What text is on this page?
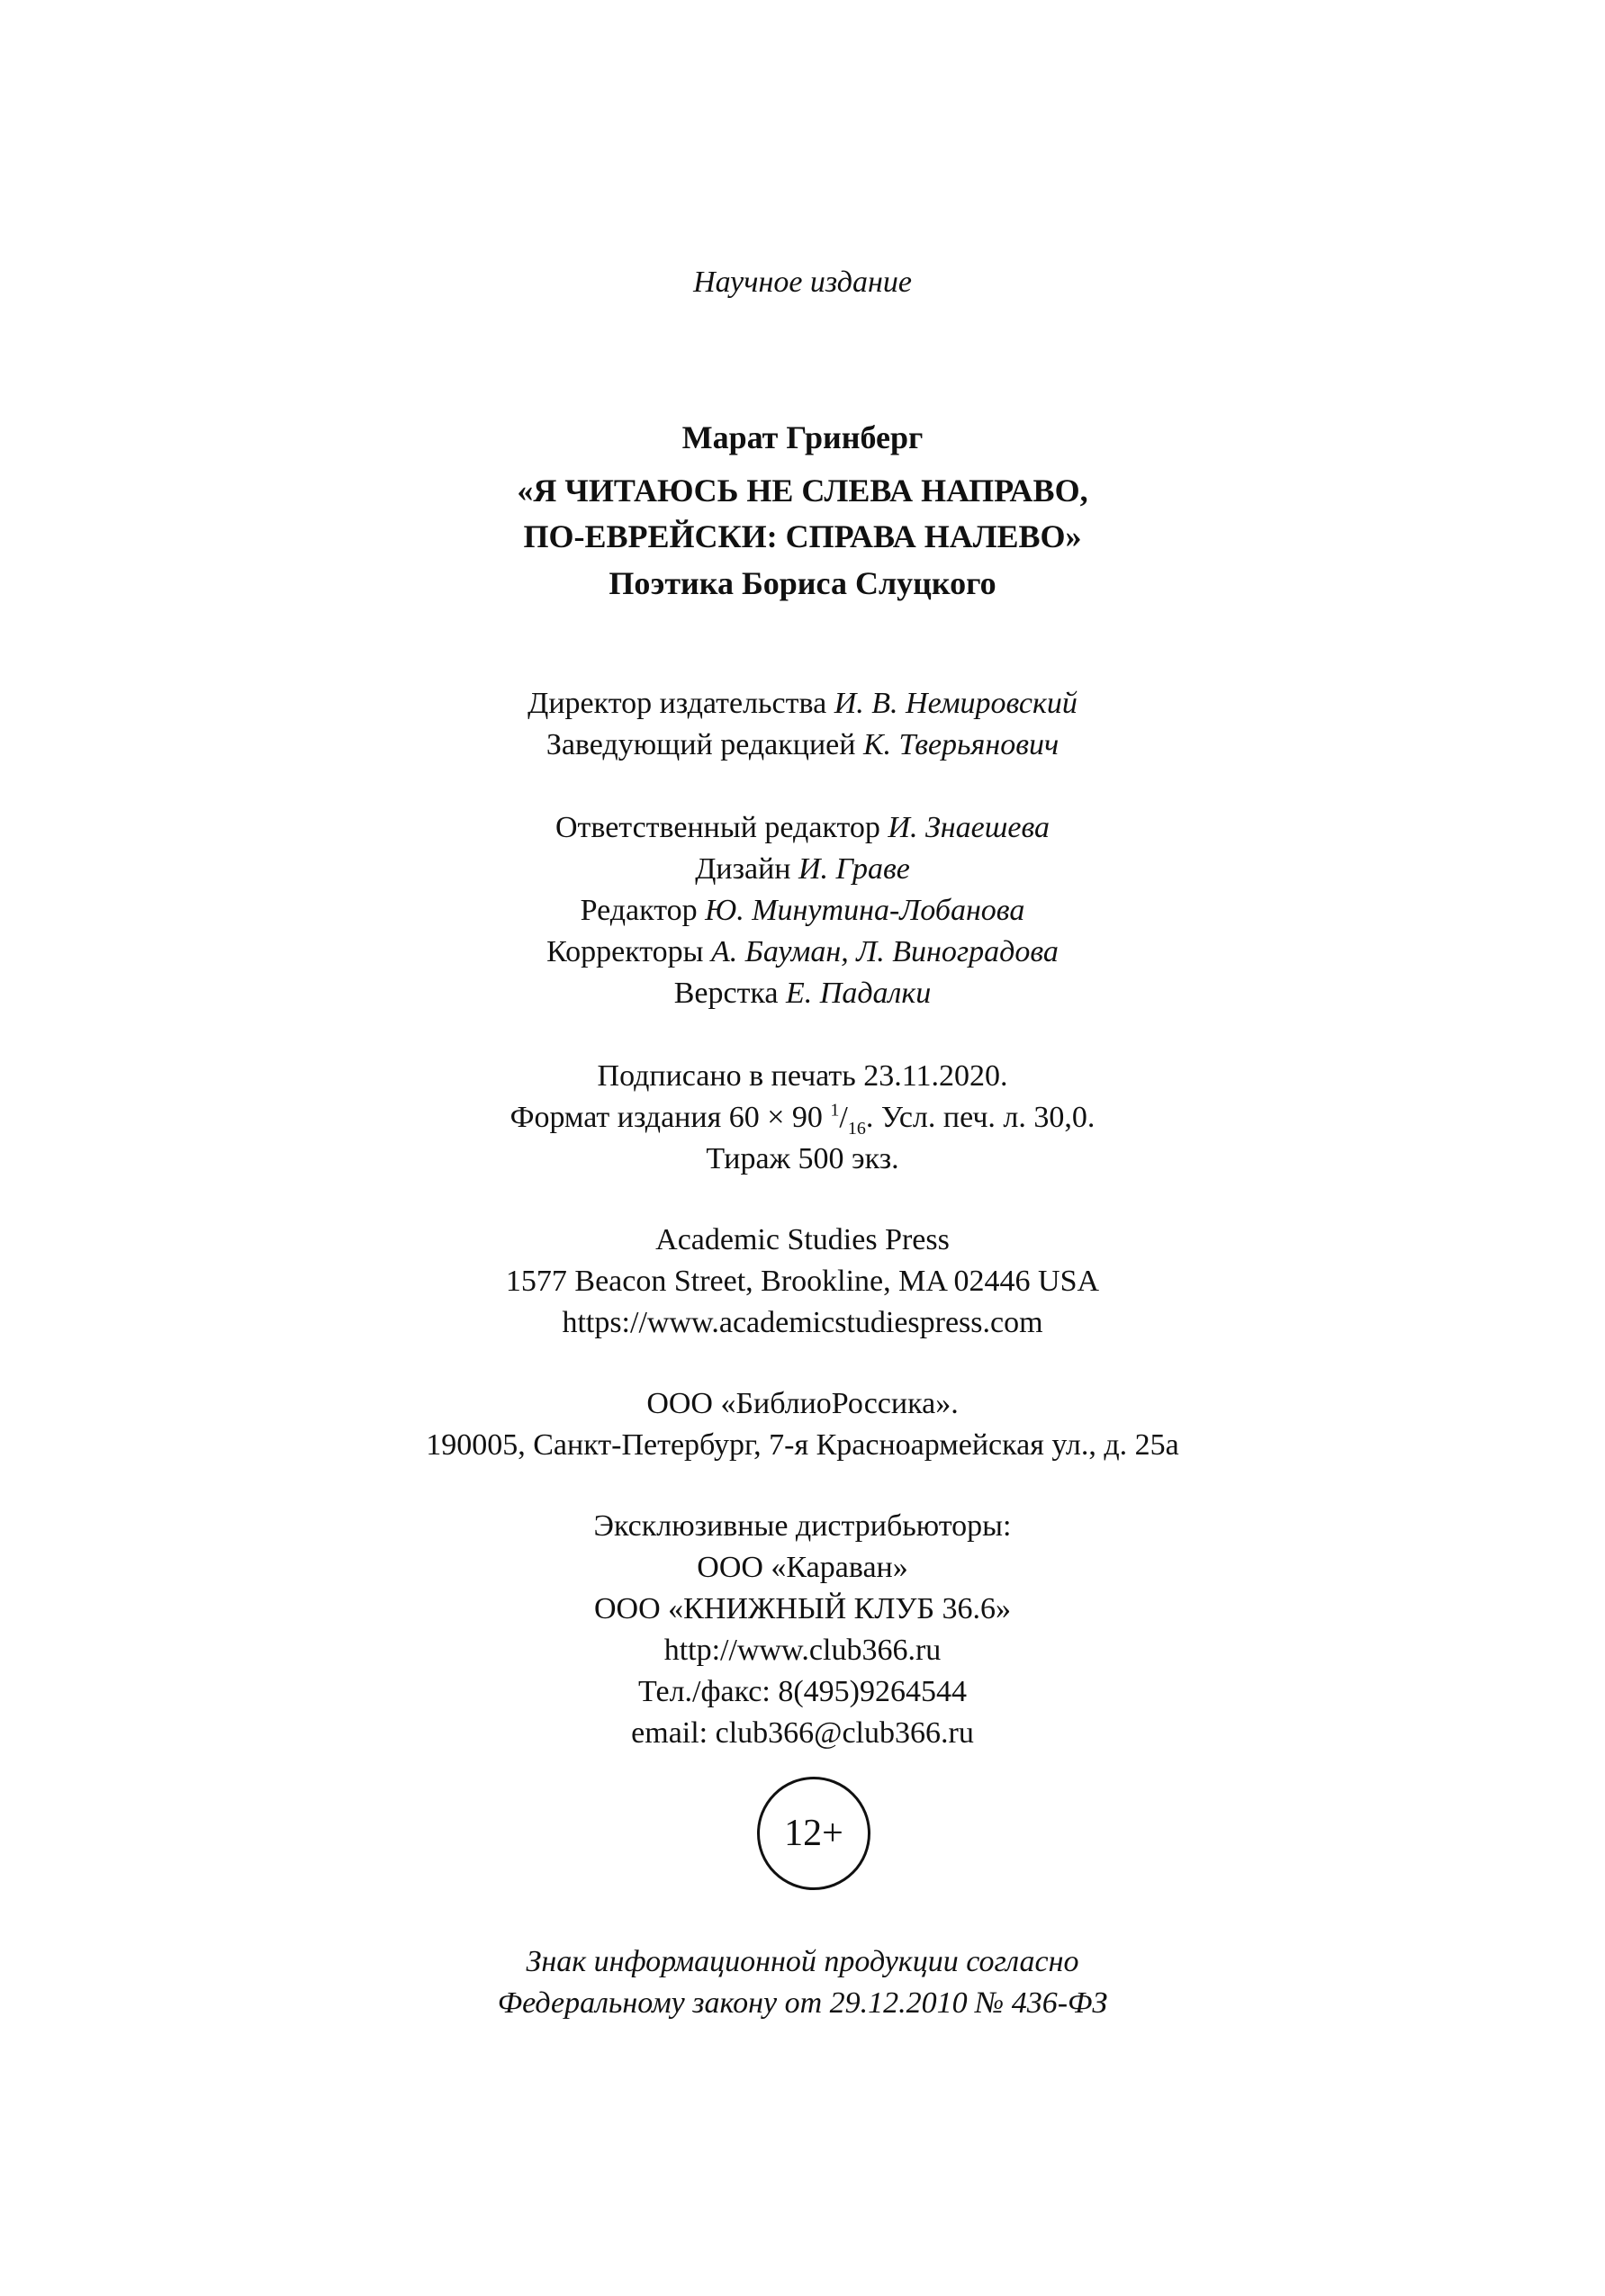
Научное издание
Марат Гринберг
«Я ЧИТАЮСЬ НЕ СЛЕВА НАПРАВО,
ПО-ЕВРЕЙСКИ: СПРАВА НАЛЕВО»
Поэтика Бориса Слуцкого
Директор издательства И. В. Немировский
Заведующий редакцией К. Тверьянович
Ответственный редактор И. Знаешева
Дизайн И. Граве
Редактор Ю. Минутина-Лобанова
Корректоры А. Бауман, Л. Виноградова
Верстка Е. Падалки
Подписано в печать 23.11.2020.
Формат издания 60 × 90 $^1/_{16}$. Усл. печ. л. 30,0.
Тираж 500 экз.
Academic Studies Press
1577 Beacon Street, Brookline, MA 02446 USA
https://www.academicstudiespress.com
ООО «БиблиоРоссика».
190005, Санкт-Петербург, 7-я Красноармейская ул., д. 25а
Эксклюзивные дистрибьюторы:
ООО «Караван»
ООО «КНИЖНЫЙ КЛУБ 36.6»
http://www.club366.ru
Тел./факс: 8(495)9264544
email: club366@club366.ru
12+
Знак информационной продукции согласно
Федеральному закону от 29.12.2010 № 436-ФЗ
